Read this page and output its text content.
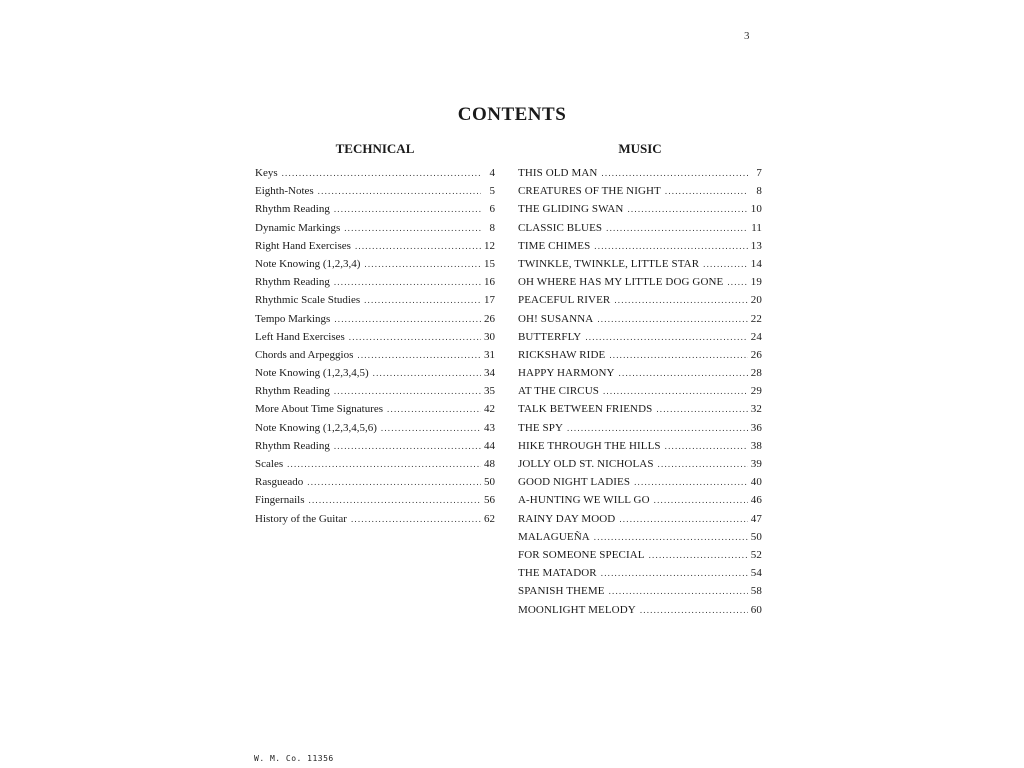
3
CONTENTS
TECHNICAL
Keys .....	4
Eighth-Notes .....	5
Rhythm Reading .....	6
Dynamic Markings .....	8
Right Hand Exercises .....	12
Note Knowing (1,2,3,4) .....	15
Rhythm Reading .....	16
Rhythmic Scale Studies .....	17
Tempo Markings .....	26
Left Hand Exercises .....	30
Chords and Arpeggios .....	31
Note Knowing (1,2,3,4,5) .....	34
Rhythm Reading .....	35
More About Time Signatures .....	42
Note Knowing (1,2,3,4,5,6) .....	43
Rhythm Reading .....	44
Scales .....	48
Rasgueado .....	50
Fingernails .....	56
History of the Guitar .....	62
MUSIC
THIS OLD MAN .....	7
CREATURES OF THE NIGHT .....	8
THE GLIDING SWAN .....	10
CLASSIC BLUES .....	11
TIME CHIMES .....	13
TWINKLE, TWINKLE, LITTLE STAR .....	14
OH WHERE HAS MY LITTLE DOG GONE .....	19
PEACEFUL RIVER .....	20
OH! SUSANNA .....	22
BUTTERFLY .....	24
RICKSHAW RIDE .....	26
HAPPY HARMONY .....	28
AT THE CIRCUS .....	29
TALK BETWEEN FRIENDS .....	32
THE SPY .....	36
HIKE THROUGH THE HILLS .....	38
JOLLY OLD ST. NICHOLAS .....	39
GOOD NIGHT LADIES .....	40
A-HUNTING WE WILL GO .....	46
RAINY DAY MOOD .....	47
MALAGUEÑA .....	50
FOR SOMEONE SPECIAL .....	52
THE MATADOR .....	54
SPANISH THEME .....	58
MOONLIGHT MELODY .....	60
W. M. Co. 11356
